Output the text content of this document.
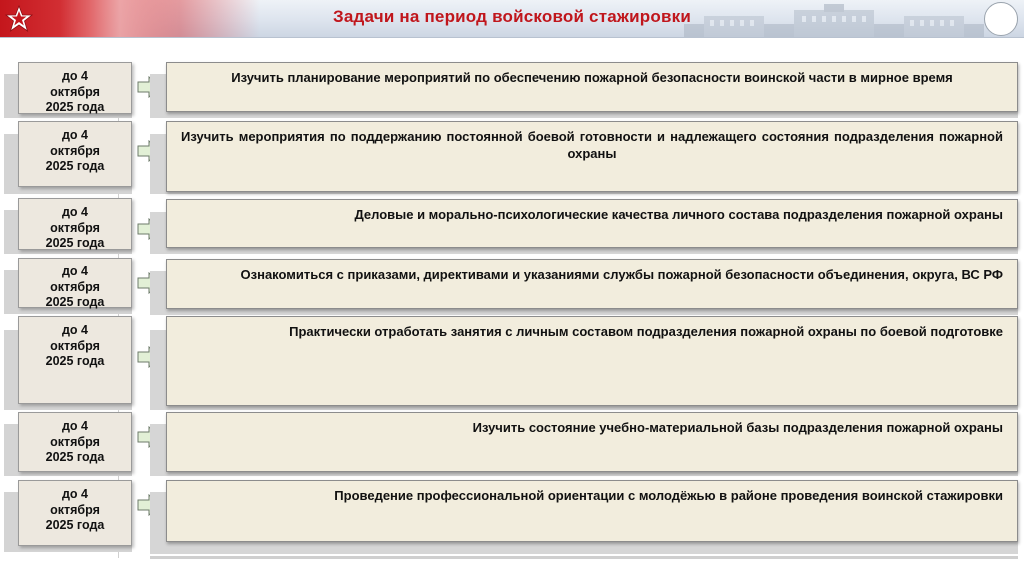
Задачи на период войсковой стажировки
до 4
октября
2025 года
Изучить планирование мероприятий по обеспечению пожарной безопасности воинской части в мирное время
до 4
октября
2025 года
Изучить мероприятия по поддержанию постоянной боевой готовности и надлежащего состояния подразделения пожарной охраны
до 4
октября
2025 года
Деловые и морально-психологические качества личного состава подразделения пожарной охраны
до 4
октября
2025 года
Ознакомиться с приказами, директивами и указаниями службы пожарной безопасности объединения, округа, ВС РФ
до 4
октября
2025 года
Практически отработать занятия с личным составом подразделения пожарной охраны по боевой подготовке
до 4
октября
2025 года
Изучить состояние учебно-материальной базы подразделения пожарной охраны
до 4
октября
2025 года
Проведение профессиональной ориентации с молодёжью в районе проведения воинской стажировки
